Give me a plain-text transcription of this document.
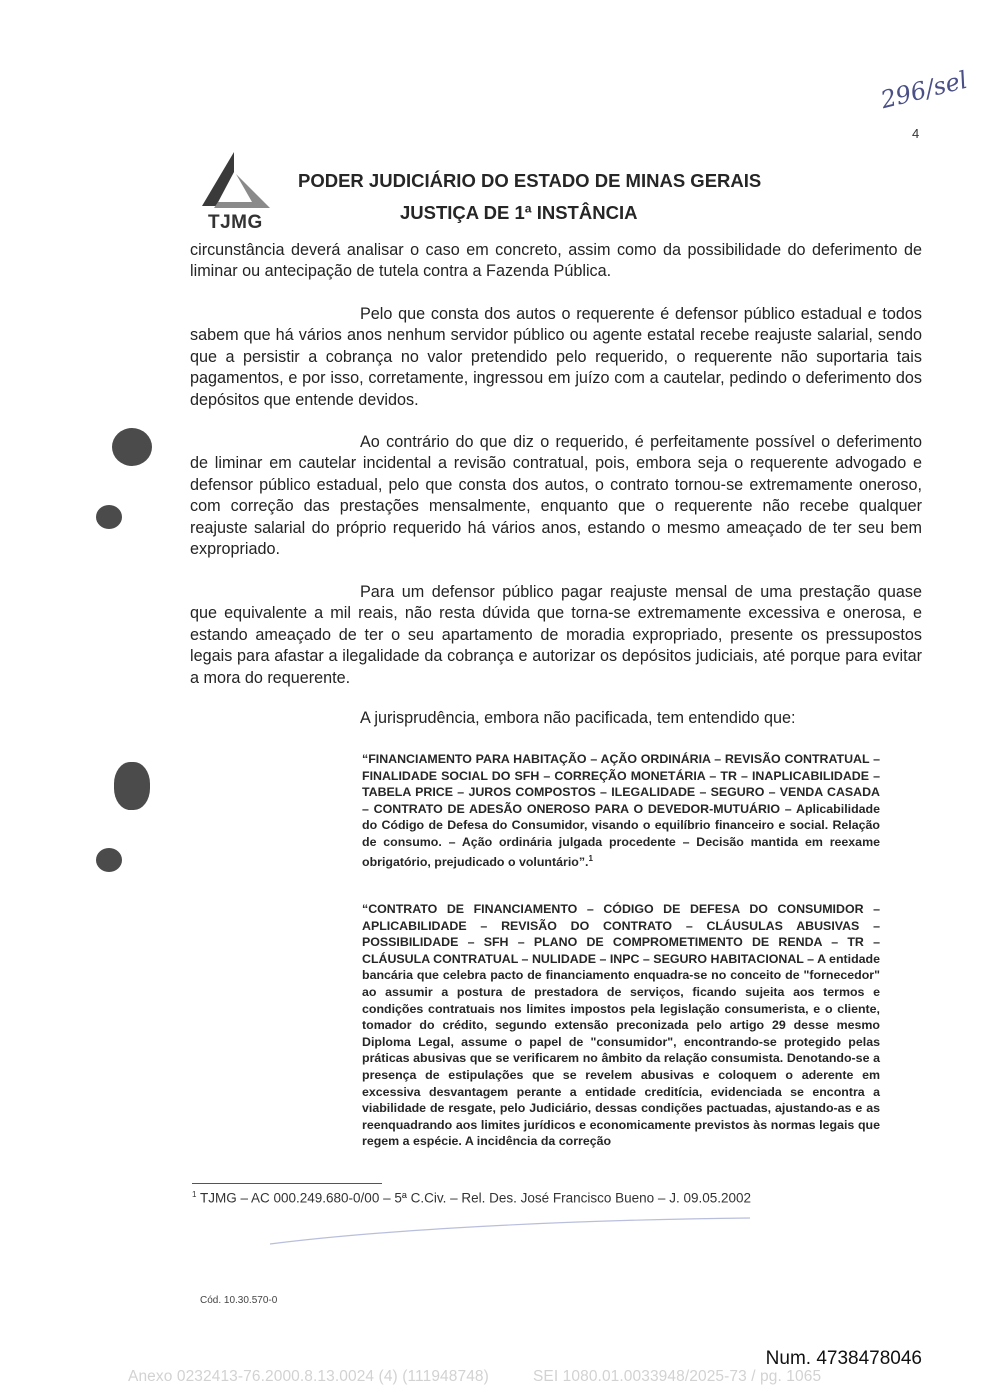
TJMG
PODER JUDICIÁRIO DO ESTADO DE MINAS GERAIS
JUSTIÇA DE 1ª INSTÂNCIA
296/sel
4

circunstância deverá analisar o caso em concreto, assim como da possibilidade do deferimento de liminar ou antecipação de tutela contra a Fazenda Pública.

Pelo que consta dos autos o requerente é defensor público estadual e todos sabem que há vários anos nenhum servidor público ou agente estatal recebe reajuste salarial, sendo que a persistir a cobrança no valor pretendido pelo requerido, o requerente não suportaria tais pagamentos, e por isso, corretamente, ingressou em juízo com a cautelar, pedindo o deferimento dos depósitos que entende devidos.

Ao contrário do que diz o requerido, é perfeitamente possível o deferimento de liminar em cautelar incidental a revisão contratual, pois, embora seja o requerente advogado e defensor público estadual, pelo que consta dos autos, o contrato tornou-se extremamente oneroso, com correção das prestações mensalmente, enquanto que o requerente não recebe qualquer reajuste salarial do próprio requerido há vários anos, estando o mesmo ameaçado de ter seu bem expropriado.

Para um defensor público pagar reajuste mensal de uma prestação quase que equivalente a mil reais, não resta dúvida que torna-se extremamente excessiva e onerosa, e estando ameaçado de ter o seu apartamento de moradia expropriado, presente os pressupostos legais para afastar a ilegalidade da cobrança e autorizar os depósitos judiciais, até porque para evitar a mora do requerente.

A jurisprudência, embora não pacificada, tem entendido que:

“FINANCIAMENTO PARA HABITAÇÃO – AÇÃO ORDINÁRIA – REVISÃO CONTRATUAL – FINALIDADE SOCIAL DO SFH – CORREÇÃO MONETÁRIA – TR – INAPLICABILIDADE – TABELA PRICE – JUROS COMPOSTOS – ILEGALIDADE – SEGURO – VENDA CASADA – CONTRATO DE ADESÃO ONEROSO PARA O DEVEDOR-MUTUÁRIO – Aplicabilidade do Código de Defesa do Consumidor, visando o equilíbrio financeiro e social. Relação de consumo. – Ação ordinária julgada procedente – Decisão mantida em reexame obrigatório, prejudicado o voluntário”.$^1$

“CONTRATO DE FINANCIAMENTO – CÓDIGO DE DEFESA DO CONSUMIDOR – APLICABILIDADE – REVISÃO DO CONTRATO – CLÁUSULAS ABUSIVAS – POSSIBILIDADE – SFH – PLANO DE COMPROMETIMENTO DE RENDA – TR – CLÁUSULA CONTRATUAL – NULIDADE – INPC – SEGURO HABITACIONAL – A entidade bancária que celebra pacto de financiamento enquadra-se no conceito de "fornecedor" ao assumir a postura de prestadora de serviços, ficando sujeita aos termos e condições contratuais nos limites impostos pela legislação consumerista, e o cliente, tomador do crédito, segundo extensão preconizada pelo artigo 29 desse mesmo Diploma Legal, assume o papel de "consumidor", encontrando-se protegido pelas práticas abusivas que se verificarem no âmbito da relação consumista. Denotando-se a presença de estipulações que se revelem abusivas e coloquem o aderente em excessiva desvantagem perante a entidade creditícia, evidenciada se encontra a viabilidade de resgate, pelo Judiciário, dessas condições pactuadas, ajustando-as e as reenquadrando aos limites jurídicos e economicamente previstos às normas legais que regem a espécie. A incidência da correção

$^1$ TJMG – AC 000.249.680-0/00 – 5ª C.Civ. – Rel. Des. José Francisco Bueno – J. 09.05.2002
Cód. 10.30.570-0
Num. 4738478046
Anexo 0232413-76.2000.8.13.0024 (4) (111948748)          SEI 1080.01.0033948/2025-73 / pg. 1065
